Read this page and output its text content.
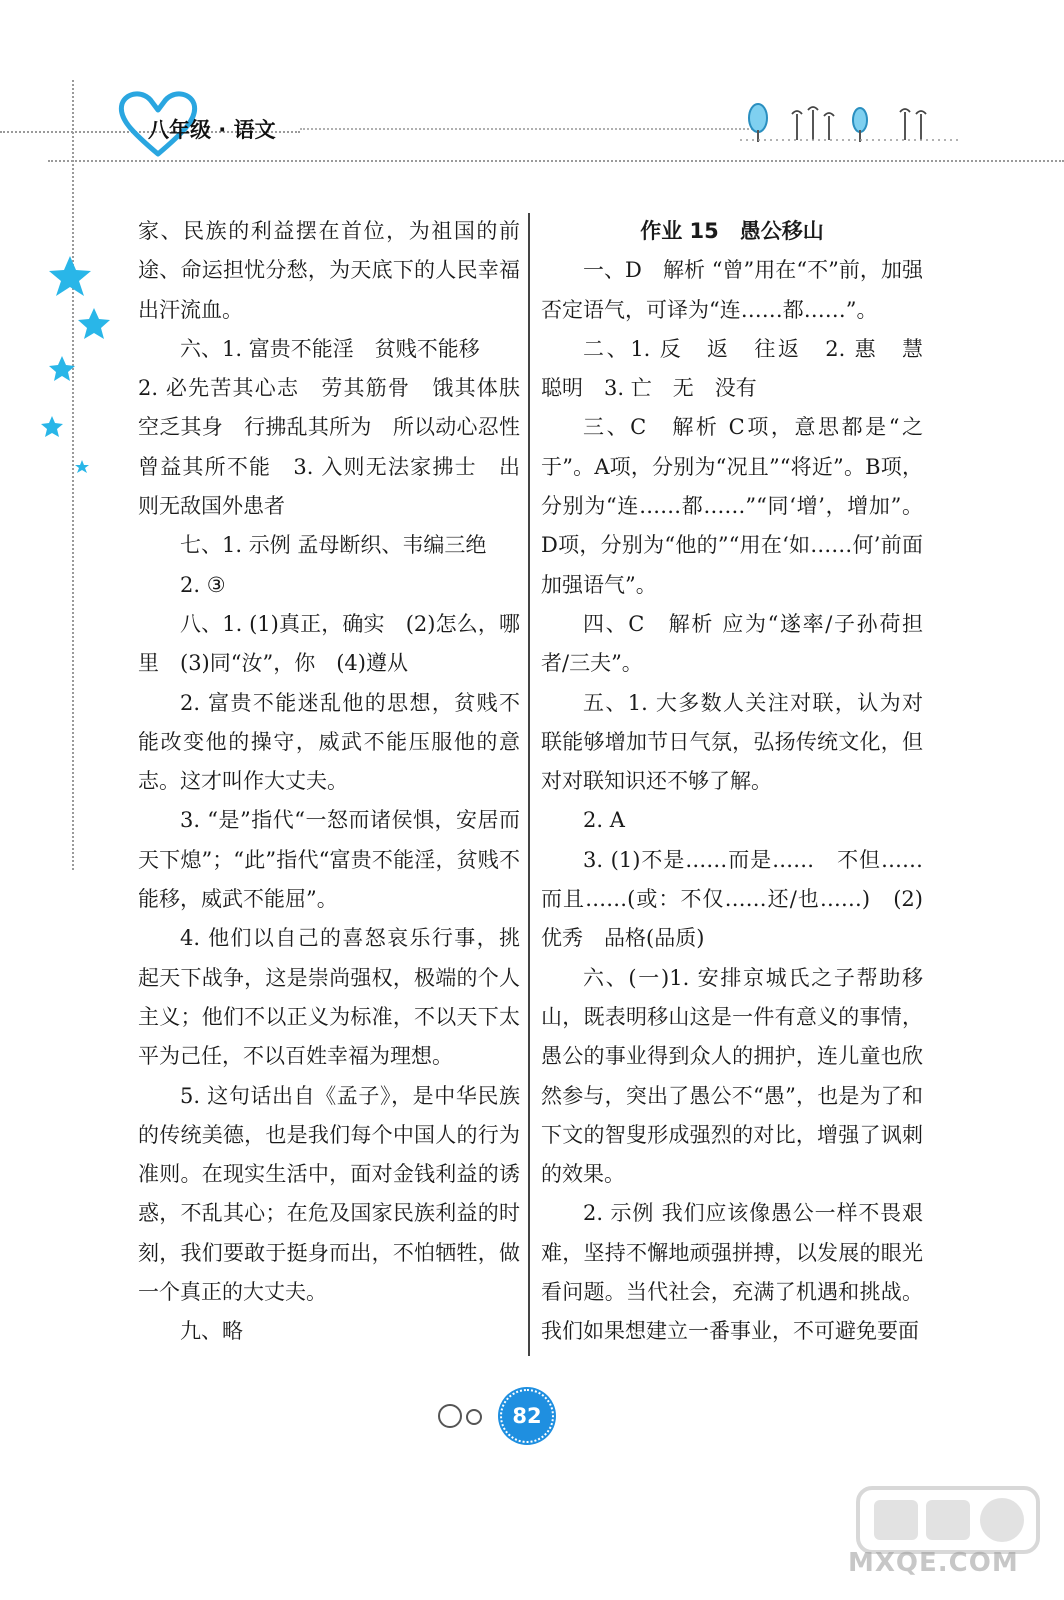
八年级 · 语文

家、民族的利益摆在首位，为祖国的前途、命运担忧分愁，为天底下的人民幸福出汗流血。

六、1. 富贵不能淫　贫贱不能移

2. 必先苦其心志　劳其筋骨　饿其体肤　空乏其身　行拂乱其所为　所以动心忍性　曾益其所不能　3. 入则无法家拂士　出则无敌国外患者

七、1. 示例 孟母断织、韦编三绝

2. ③

八、1. (1)真正，确实　(2)怎么，哪里　(3)同“汝”，你　(4)遵从

2. 富贵不能迷乱他的思想，贫贱不能改变他的操守，威武不能压服他的意志。这才叫作大丈夫。

3. “是”指代“一怒而诸侯惧，安居而天下熄”；“此”指代“富贵不能淫，贫贱不能移，威武不能屈”。

4. 他们以自己的喜怒哀乐行事，挑起天下战争，这是崇尚强权，极端的个人主义；他们不以正义为标准，不以天下太平为己任，不以百姓幸福为理想。

5. 这句话出自《孟子》，是中华民族的传统美德，也是我们每个中国人的行为准则。在现实生活中，面对金钱利益的诱惑，不乱其心；在危及国家民族利益的时刻，我们要敢于挺身而出，不怕牺牲，做一个真正的大丈夫。

九、略

作业 15　愚公移山

一、D　解析 “曾”用在“不”前，加强否定语气，可译为“连……都……”。

二、1. 反　返　往返　2. 惠　慧　聪明　3. 亡　无　没有

三、C　解析 C项，意思都是“之于”。A项，分别为“况且”“将近”。B项，分别为“连……都……”“同‘增’，增加”。D项，分别为“他的”“用在‘如……何’前面加强语气”。

四、C　解析 应为“遂率/子孙荷担者/三夫”。

五、1. 大多数人关注对联，认为对联能够增加节日气氛，弘扬传统文化，但对对联知识还不够了解。

2. A

3. (1)不是……而是……　不但……而且……(或：不仅……还/也……)　(2)优秀　品格(品质)

六、(一)1. 安排京城氏之子帮助移山，既表明移山这是一件有意义的事情，愚公的事业得到众人的拥护，连儿童也欣然参与，突出了愚公不“愚”，也是为了和下文的智叟形成强烈的对比，增强了讽刺的效果。

2. 示例 我们应该像愚公一样不畏艰难，坚持不懈地顽强拼搏，以发展的眼光看问题。当代社会，充满了机遇和挑战。我们如果想建立一番事业，不可避免要面

82
MXQE.COM
